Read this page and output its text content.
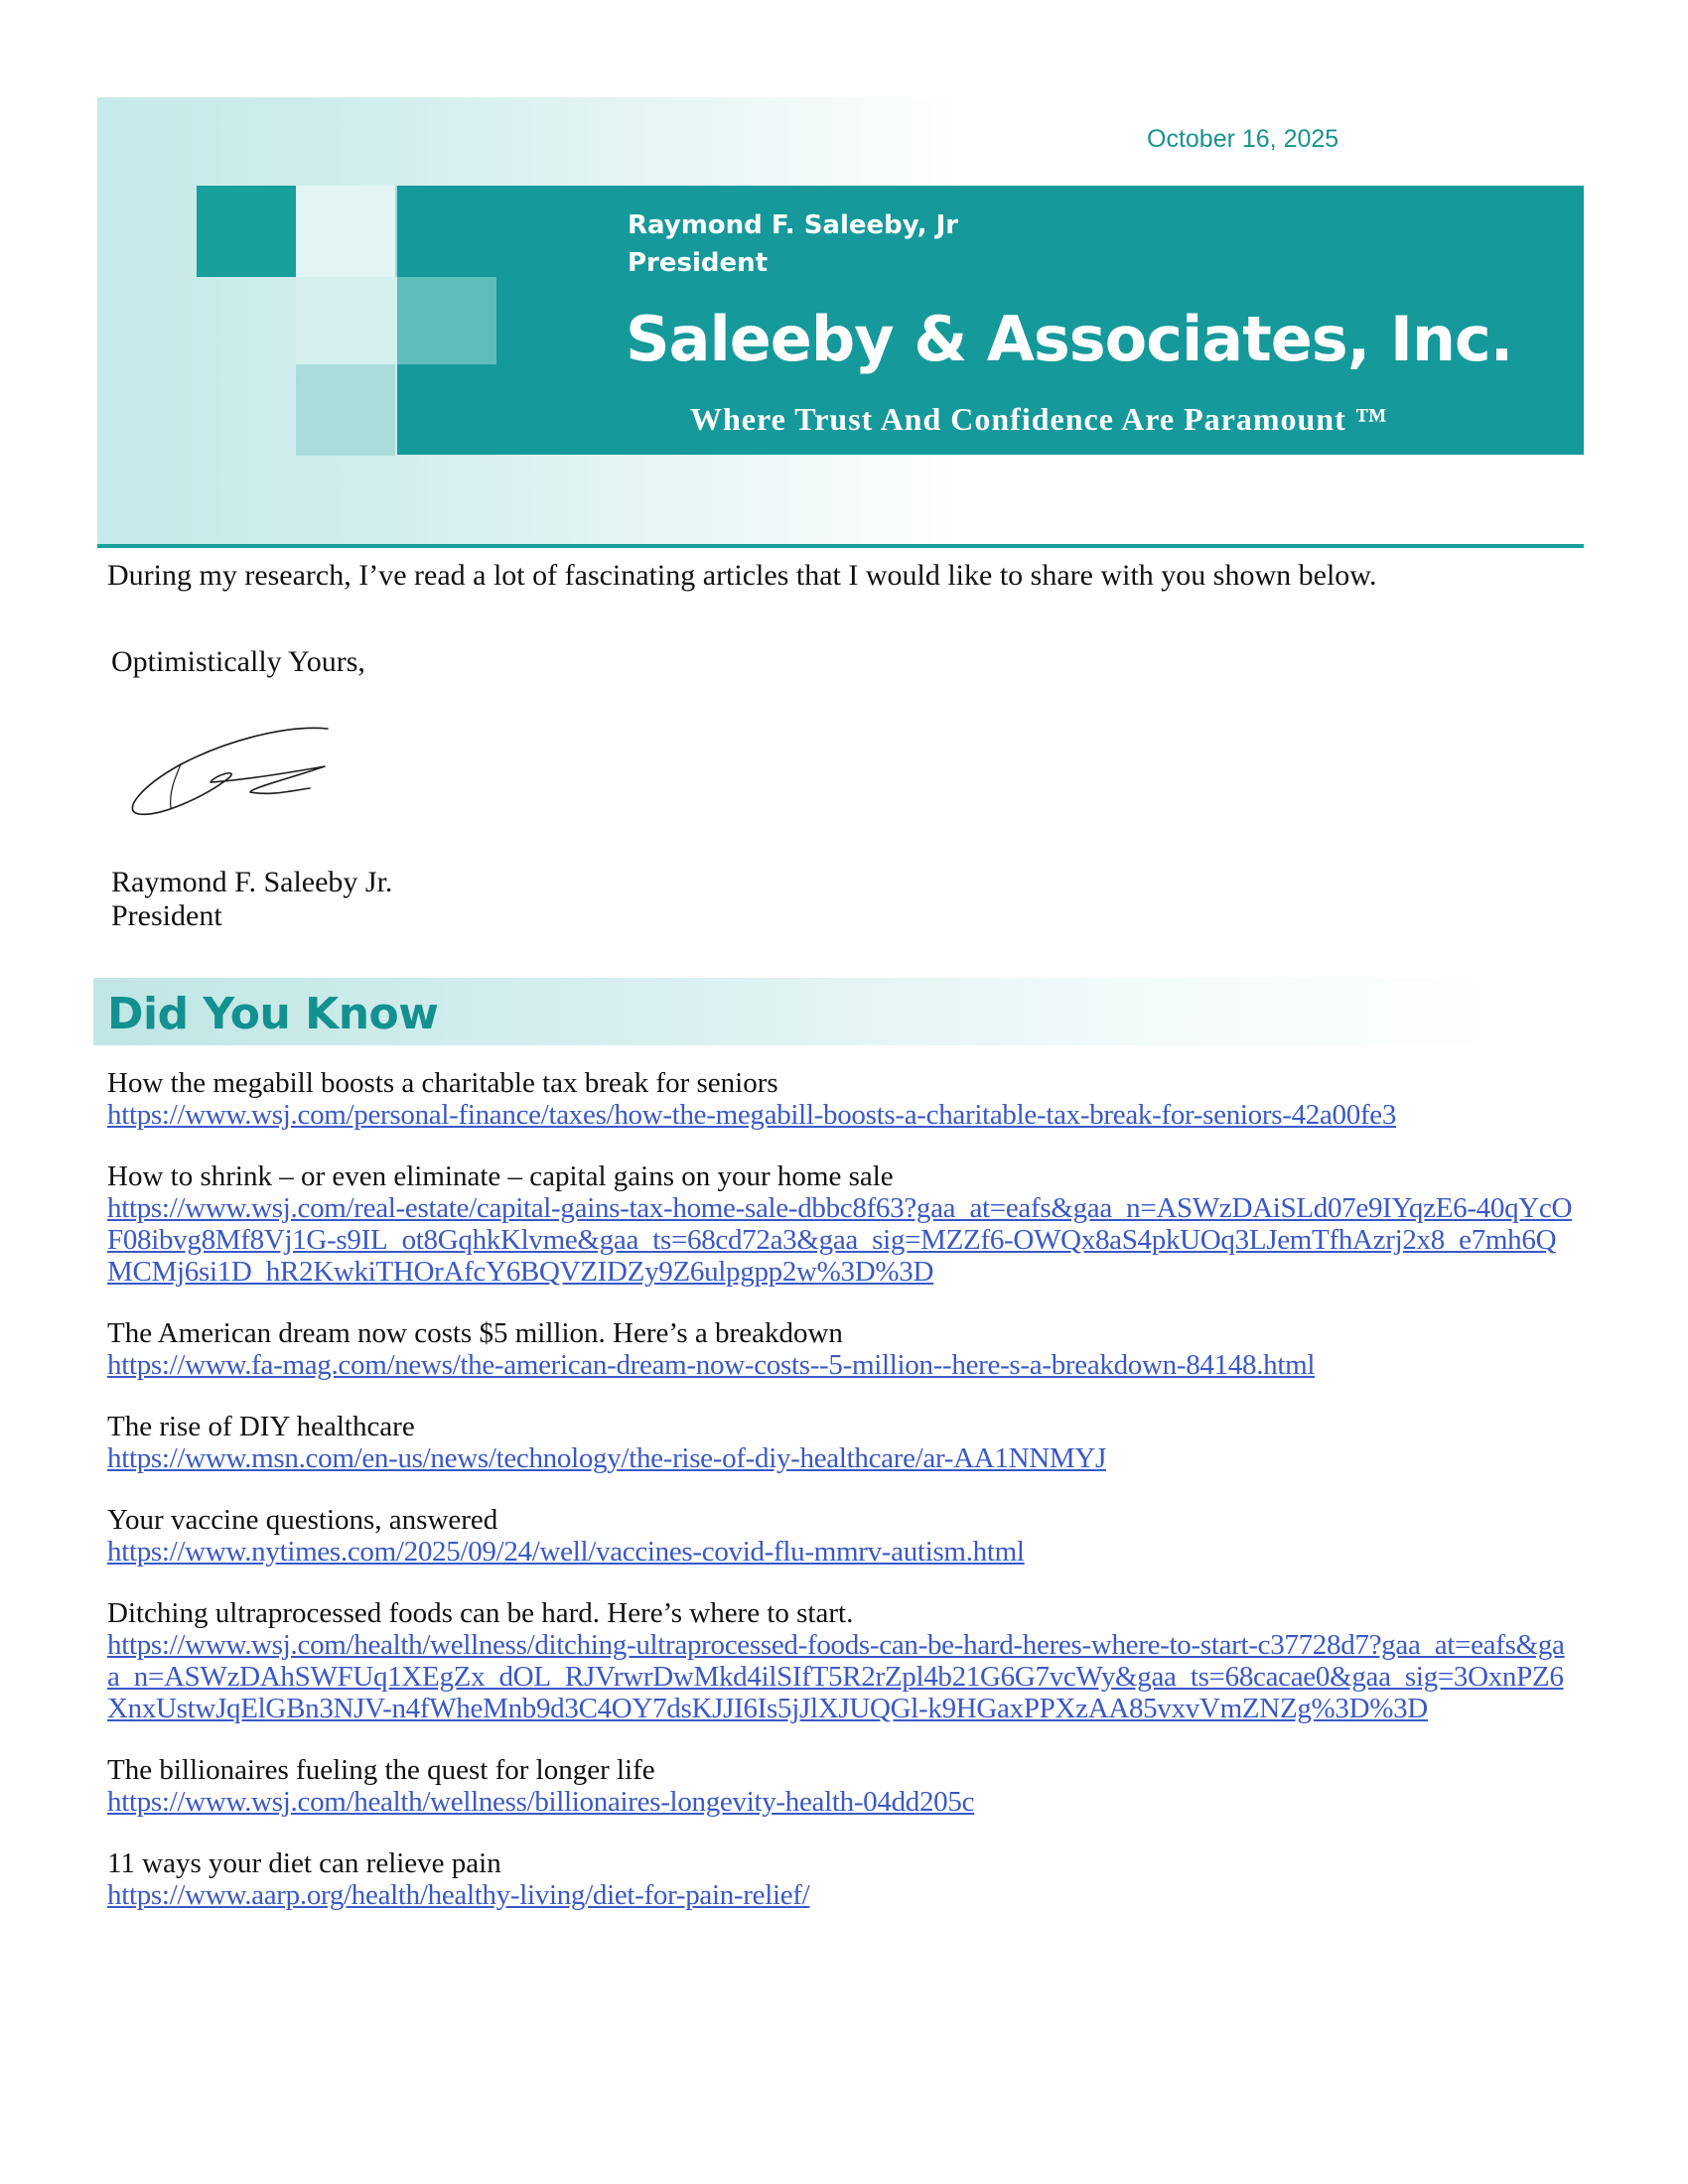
October 16, 2025
Raymond F. Saleeby, Jr
President
Saleeby & Associates, Inc.
Where Trust And Confidence Are Paramount ™
During my research, I’ve read a lot of fascinating articles that I would like to share with you shown below.
Optimistically Yours,
Raymond F. Saleeby Jr.
President
Did You Know
How the megabill boosts a charitable tax break for seniors
https://www.wsj.com/personal-finance/taxes/how-the-megabill-boosts-a-charitable-tax-break-for-seniors-42a00fe3
How to shrink – or even eliminate – capital gains on your home sale
https://www.wsj.com/real-estate/capital-gains-tax-home-sale-dbbc8f63?gaa_at=eafs&gaa_n=ASWzDAiSLd07e9IYqzE6-40qYcOF08ibvg8Mf8Vj1G-s9IL_ot8GqhkKlvme&gaa_ts=68cd72a3&gaa_sig=MZZf6-OWQx8aS4pkUOq3LJemTfhAzrj2x8_e7mh6QMCMj6si1D_hR2KwkiTHOrAfcY6BQVZIDZy9Z6ulpgpp2w%3D%3D
The American dream now costs $5 million. Here’s a breakdown
https://www.fa-mag.com/news/the-american-dream-now-costs--5-million--here-s-a-breakdown-84148.html
The rise of DIY healthcare
https://www.msn.com/en-us/news/technology/the-rise-of-diy-healthcare/ar-AA1NNMYJ
Your vaccine questions, answered
https://www.nytimes.com/2025/09/24/well/vaccines-covid-flu-mmrv-autism.html
Ditching ultraprocessed foods can be hard. Here’s where to start.
https://www.wsj.com/health/wellness/ditching-ultraprocessed-foods-can-be-hard-heres-where-to-start-c37728d7?gaa_at=eafs&gaa_n=ASWzDAhSWFUq1XEgZx_dOL_RJVrwrDwMkd4ilSIfT5R2rZpl4b21G6G7vcWy&gaa_ts=68cacae0&gaa_sig=3OxnPZ6XnxUstwJqElGBn3NJV-n4fWheMnb9d3C4OY7dsKJJI6Is5jJlXJUQGl-k9HGaxPPXzAA85vxvVmZNZg%3D%3D
The billionaires fueling the quest for longer life
https://www.wsj.com/health/wellness/billionaires-longevity-health-04dd205c
11 ways your diet can relieve pain
https://www.aarp.org/health/healthy-living/diet-for-pain-relief/
